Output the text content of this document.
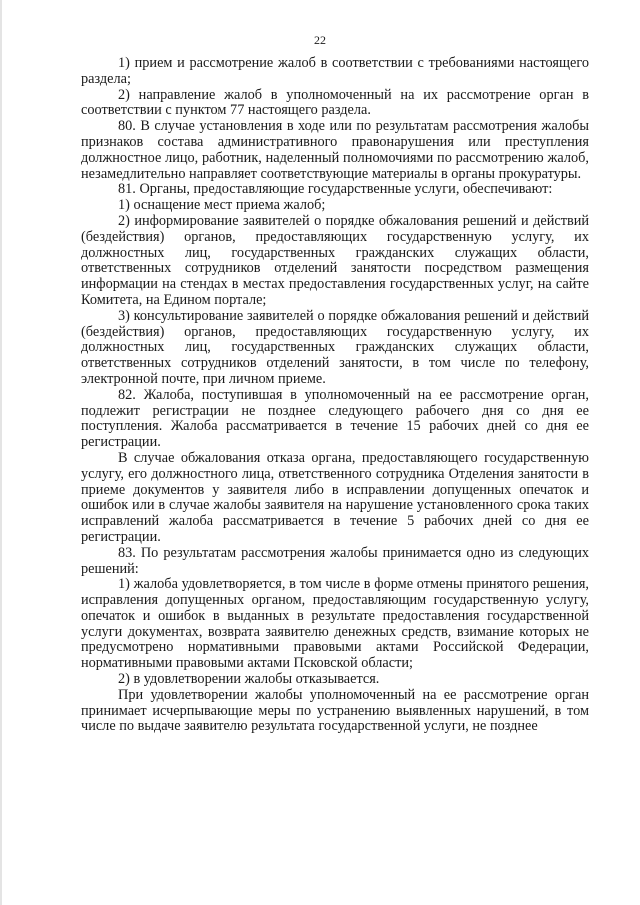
22

1) прием и рассмотрение жалоб в соответствии с требованиями настоящего раздела;

2) направление жалоб в уполномоченный на их рассмотрение орган в соответствии с пунктом 77 настоящего раздела.

80. В случае установления в ходе или по результатам рассмотрения жалобы признаков состава административного правонарушения или преступления должностное лицо, работник, наделенный полномочиями по рассмотрению жалоб, незамедлительно направляет соответствующие материалы в органы прокуратуры.

81. Органы, предоставляющие государственные услуги, обеспечивают:

1) оснащение мест приема жалоб;

2) информирование заявителей о порядке обжалования решений и действий (бездействия) органов, предоставляющих государственную услугу, их должностных лиц, государственных гражданских служащих области, ответственных сотрудников отделений занятости посредством размещения информации на стендах в местах предоставления государственных услуг, на сайте Комитета, на Едином портале;

3) консультирование заявителей о порядке обжалования решений и действий (бездействия) органов, предоставляющих государственную услугу, их должностных лиц, государственных гражданских служащих области, ответственных сотрудников отделений занятости, в том числе по телефону, электронной почте, при личном приеме.

82. Жалоба, поступившая в уполномоченный на ее рассмотрение орган, подлежит регистрации не позднее следующего рабочего дня со дня ее поступления. Жалоба рассматривается в течение 15 рабочих дней со дня ее регистрации.

В случае обжалования отказа органа, предоставляющего государственную услугу, его должностного лица, ответственного сотрудника Отделения занятости в приеме документов у заявителя либо в исправлении допущенных опечаток и ошибок или в случае жалобы заявителя на нарушение установленного срока таких исправлений жалоба рассматривается в течение 5 рабочих дней со дня ее регистрации.

83. По результатам рассмотрения жалобы принимается одно из следующих решений:

1) жалоба удовлетворяется, в том числе в форме отмены принятого решения, исправления допущенных органом, предоставляющим государственную услугу, опечаток и ошибок в выданных в результате предоставления государственной услуги документах, возврата заявителю денежных средств, взимание которых не предусмотрено нормативными правовыми актами Российской Федерации, нормативными правовыми актами Псковской области;

2) в удовлетворении жалобы отказывается.

При удовлетворении жалобы уполномоченный на ее рассмотрение орган принимает исчерпывающие меры по устранению выявленных нарушений, в том числе по выдаче заявителю результата государственной услуги, не позднее
